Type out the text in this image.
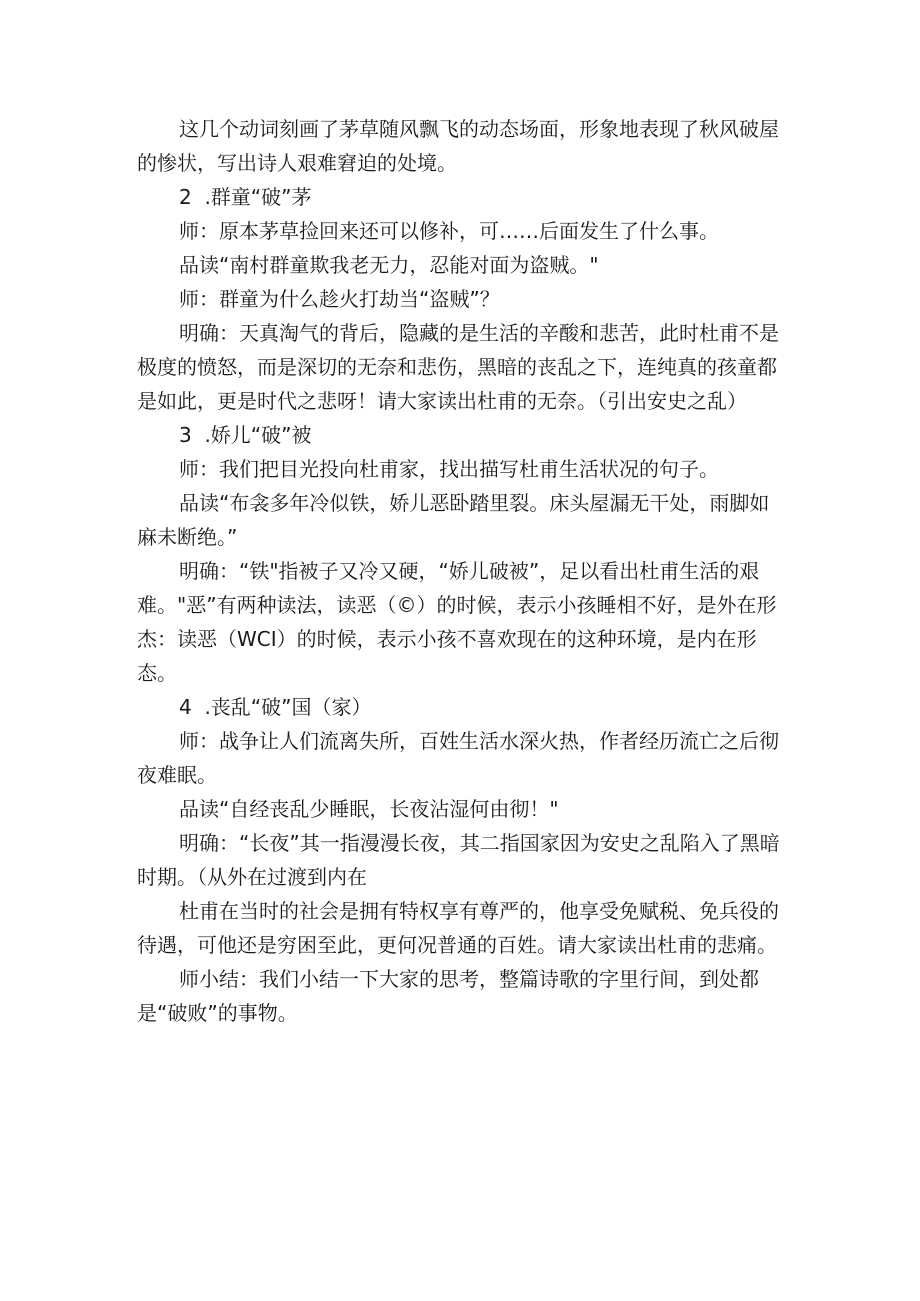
这几个动词刻画了茅草随风飘飞的动态场面，形象地表现了秋风破屋的惨状，写出诗人艰难窘迫的处境。

2  .群童“破”茅

师：原本茅草捡回来还可以修补，可……后面发生了什么事。

品读“南村群童欺我老无力，忍能对面为盗贼。"

师：群童为什么趁火打劫当“盗贼”？

明确：天真淘气的背后，隐藏的是生活的辛酸和悲苦，此时杜甫不是极度的愤怒，而是深切的无奈和悲伤，黑暗的丧乱之下，连纯真的孩童都是如此，更是时代之悲呀！请大家读出杜甫的无奈。（引出安史之乱）

3  .娇儿“破”被

师：我们把目光投向杜甫家，找出描写杜甫生活状况的句子。

品读“布衾多年冷似铁，娇儿恶卧踏里裂。床头屋漏无干处，雨脚如麻未断绝。”

明确：“铁"指被子又冷又硬，“娇儿破被”，足以看出杜甫生活的艰难。"恶”有两种读法，读恶（©）的时候，表示小孩睡相不好，是外在形杰：读恶（WCI）的时候，表示小孩不喜欢现在的这种环境，是内在形态。

4  .丧乱“破”国（家）

师：战争让人们流离失所，百姓生活水深火热，作者经历流亡之后彻夜难眠。

品读“自经丧乱少睡眠，长夜沾湿何由彻！"

明确：“长夜”其一指漫漫长夜，其二指国家因为安史之乱陷入了黑暗时期。（从外在过渡到内在

杜甫在当时的社会是拥有特权享有尊严的，他享受免赋税、免兵役的待遇，可他还是穷困至此，更何况普通的百姓。请大家读出杜甫的悲痛。

师小结：我们小结一下大家的思考，整篇诗歌的字里行间，到处都是“破败”的事物。
